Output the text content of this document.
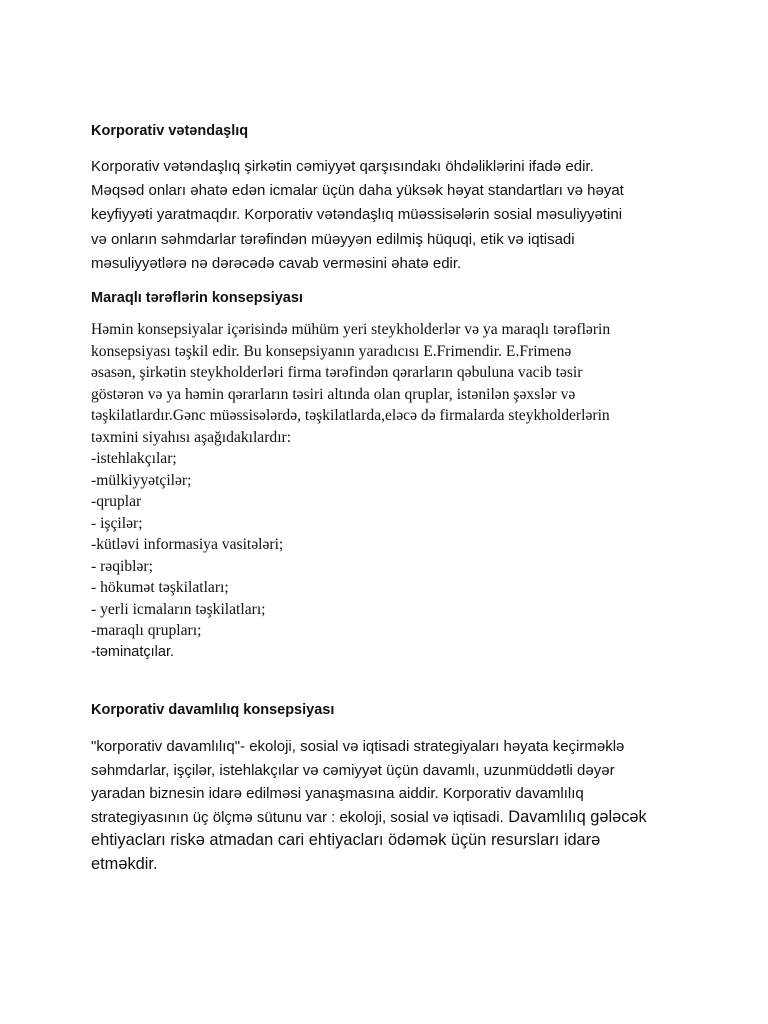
Korporativ vətəndaşlıq

Korporativ vətəndaşlıq şirkətin cəmiyyət qarşısındakı öhdəliklərini ifadə edir.
Məqsəd onları əhatə edən icmalar üçün daha yüksək həyat standartları və həyat
keyfiyyəti yaratmaqdır. Korporativ vətəndaşlıq müəssisələrin sosial məsuliyyətini
və onların səhmdarlar tərəfindən müəyyən edilmiş hüquqi, etik və iqtisadi
məsuliyyətlərə nə dərəcədə cavab verməsini əhatə edir.

Maraqlı tərəflərin konsepsiyası

Həmin konsepsiyalar içərisində mühüm yeri steykholderlər və ya maraqlı tərəflərin
konsepsiyası təşkil edir. Bu konsepsiyanın yaradıcısı E.Frimendir. E.Frimenə
əsasən, şirkətin steykholderləri firma tərəfindən qərarların qəbuluna vacib təsir
göstərən və ya həmin qərarların təsiri altında olan qruplar, istənilən şəxslər və
təşkilatlardır.Gənc müəssisələrdə, təşkilatlarda,eləcə də firmalarda steykholderlərin
təxmini siyahısı aşağıdakılardır:

-istehlakçılar;
-mülkiyyətçilər;
-qruplar
- işçilər;
-kütləvi informasiya vasitələri;
- rəqiblər;
- hökumət təşkilatları;
- yerli icmaların təşkilatları;
-maraqlı qrupları;
-təminatçılar.
Korporativ davamlılıq konsepsiyası

"korporativ davamlılıq"- ekoloji, sosial və iqtisadi strategiyaları həyata keçirməklə
səhmdarlar, işçilər, istehlakçılar və cəmiyyət üçün davamlı, uzunmüddətli dəyər
yaradan biznesin idarə edilməsi yanaşmasına aiddir. Korporativ davamlılıq
strategiyasının üç ölçmə sütunu var : ekoloji, sosial və iqtisadi. Davamlılıq gələcək
ehtiyacları riskə atmadan cari ehtiyacları ödəmək üçün resursları idarə
etməkdir.
